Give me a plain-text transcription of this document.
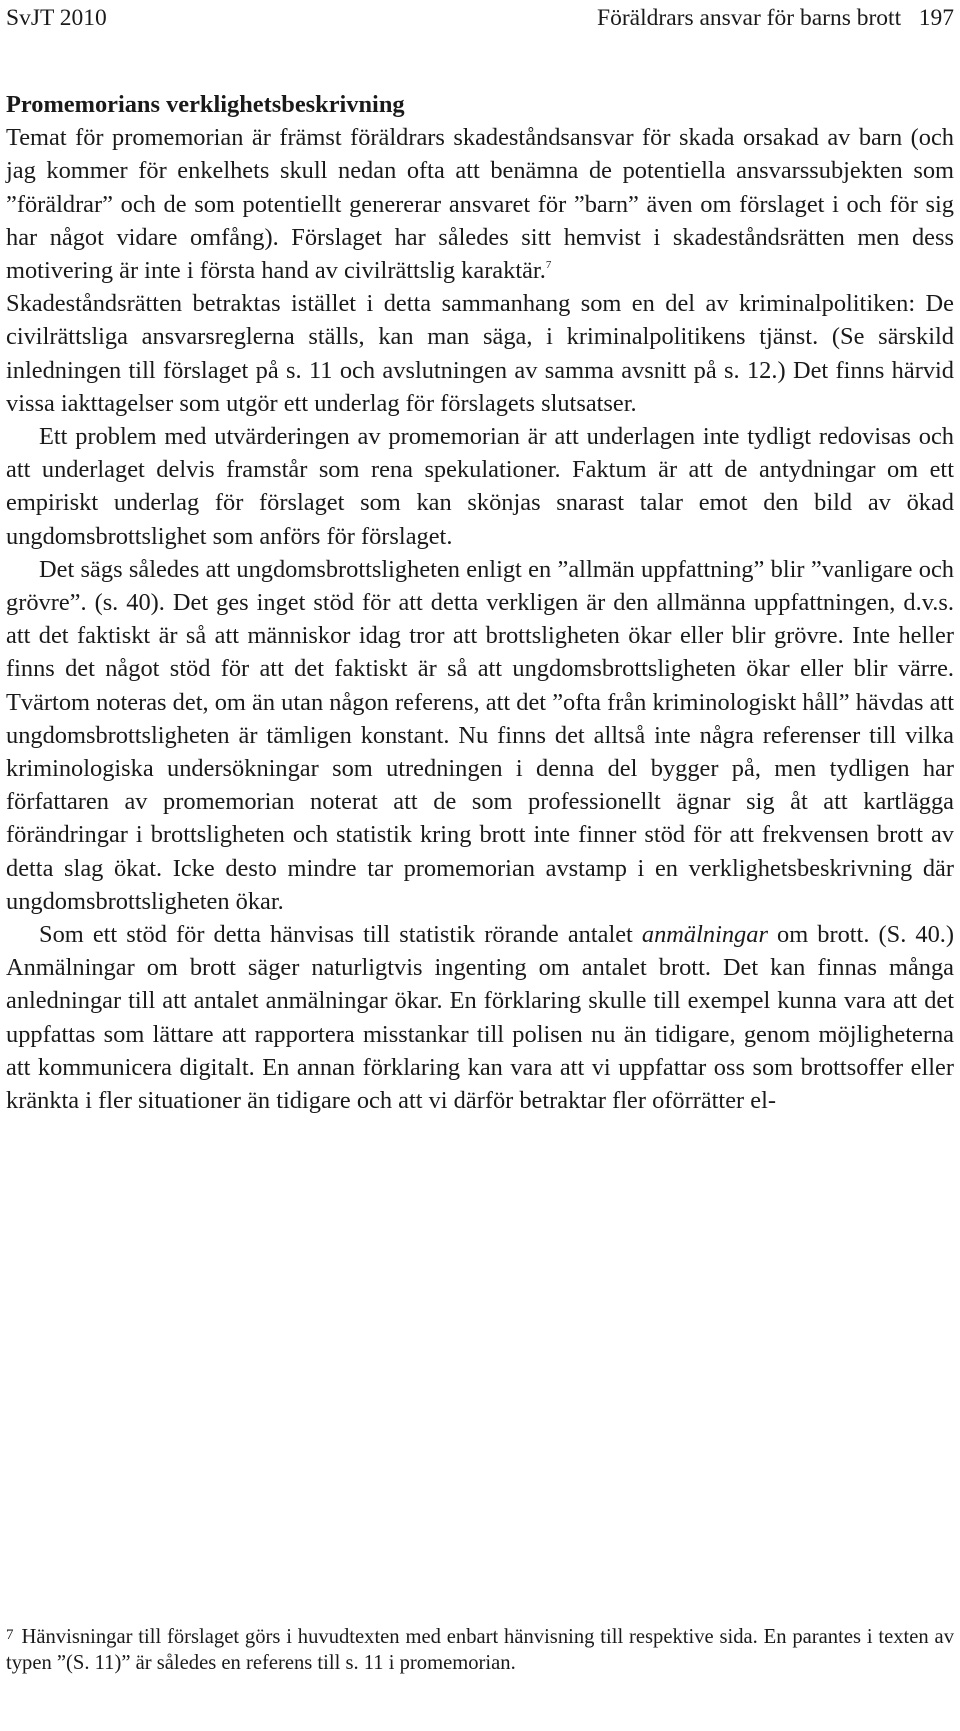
SvJT 2010	Föräldrars ansvar för barns brott 197
Promemorians verklighetsbeskrivning

Temat för promemorian är främst föräldrars skadeståndsansvar för skada orsakad av barn (och jag kommer för enkelhets skull nedan ofta att benämna de potentiella ansvarssubjekten som ”föräldrar” och de som potentiellt genererar ansvaret för ”barn” även om förslaget i och för sig har något vidare omfång). Förslaget har således sitt hemvist i skadeståndsrätten men dess motivering är inte i första hand av civilrättslig karaktär.$^7$

Skadeståndsrätten betraktas istället i detta sammanhang som en del av kriminalpolitiken: De civilrättsliga ansvarsreglerna ställs, kan man säga, i kriminalpolitikens tjänst. (Se särskild inledningen till förslaget på s. 11 och avslutningen av samma avsnitt på s. 12.) Det finns härvid vissa iakttagelser som utgör ett underlag för förslagets slutsatser.

Ett problem med utvärderingen av promemorian är att underlagen inte tydligt redovisas och att underlaget delvis framstår som rena spekulationer. Faktum är att de antydningar om ett empiriskt underlag för förslaget som kan skönjas snarast talar emot den bild av ökad ungdomsbrottslighet som anförs för förslaget.

Det sägs således att ungdomsbrottsligheten enligt en ”allmän uppfattning” blir ”vanligare och grövre”. (s. 40). Det ges inget stöd för att detta verkligen är den allmänna uppfattningen, d.v.s. att det faktiskt är så att människor idag tror att brottsligheten ökar eller blir grövre. Inte heller finns det något stöd för att det faktiskt är så att ungdomsbrottsligheten ökar eller blir värre. Tvärtom noteras det, om än utan någon referens, att det ”ofta från kriminologiskt håll” hävdas att ungdomsbrottsligheten är tämligen konstant. Nu finns det alltså inte några referenser till vilka kriminologiska undersökningar som utredningen i denna del bygger på, men tydligen har författaren av promemorian noterat att de som professionellt ägnar sig åt att kartlägga förändringar i brottsligheten och statistik kring brott inte finner stöd för att frekvensen brott av detta slag ökat. Icke desto mindre tar promemorian avstamp i en verklighetsbeskrivning där ungdomsbrottsligheten ökar.

Som ett stöd för detta hänvisas till statistik rörande antalet anmälningar om brott. (S. 40.) Anmälningar om brott säger naturligtvis ingenting om antalet brott. Det kan finnas många anledningar till att antalet anmälningar ökar. En förklaring skulle till exempel kunna vara att det uppfattas som lättare att rapportera misstankar till polisen nu än tidigare, genom möjligheterna att kommunicera digitalt. En annan förklaring kan vara att vi uppfattar oss som brottsoffer eller kränkta i fler situationer än tidigare och att vi därför betraktar fler oförrätter el-

7 Hänvisningar till förslaget görs i huvudtexten med enbart hänvisning till respektive sida. En parantes i texten av typen ”(S. 11)” är således en referens till s. 11 i promemorian.
